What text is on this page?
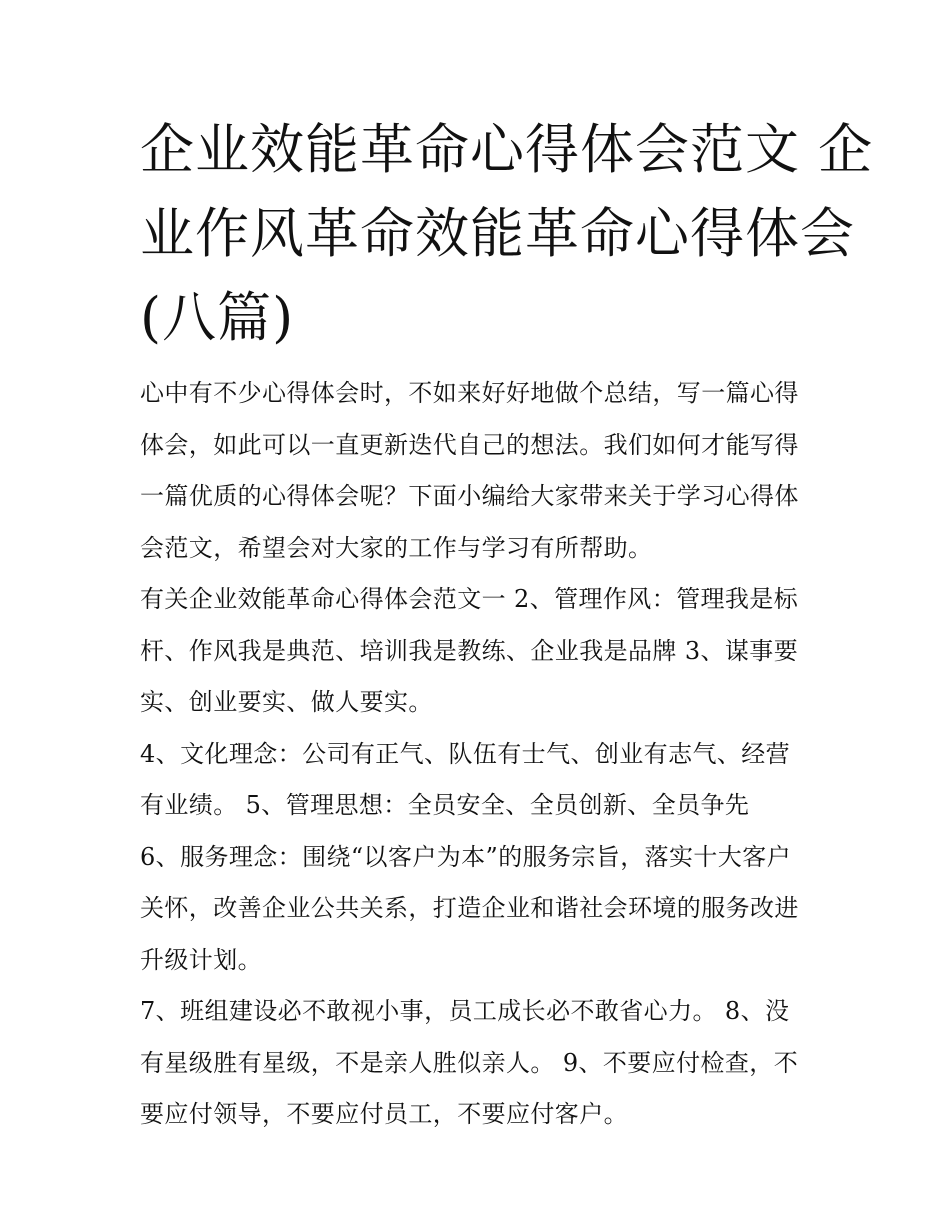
企业效能革命心得体会范文 企
业作风革命效能革命心得体会
(八篇)

心中有不少心得体会时，不如来好好地做个总结，写一篇心得
体会，如此可以一直更新迭代自己的想法。我们如何才能写得
一篇优质的心得体会呢？下面小编给大家带来关于学习心得体
会范文，希望会对大家的工作与学习有所帮助。

有关企业效能革命心得体会范文一 2、管理作风：管理我是标
杆、作风我是典范、培训我是教练、企业我是品牌 3、谋事要
实、创业要实、做人要实。

4、文化理念：公司有正气、队伍有士气、创业有志气、经营
有业绩。 5、管理思想：全员安全、全员创新、全员争先

6、服务理念：围绕“以客户为本”的服务宗旨，落实十大客户
关怀，改善企业公共关系，打造企业和谐社会环境的服务改进
升级计划。

7、班组建设必不敢视小事，员工成长必不敢省心力。 8、没
有星级胜有星级，不是亲人胜似亲人。 9、不要应付检查，不
要应付领导，不要应付员工，不要应付客户。
